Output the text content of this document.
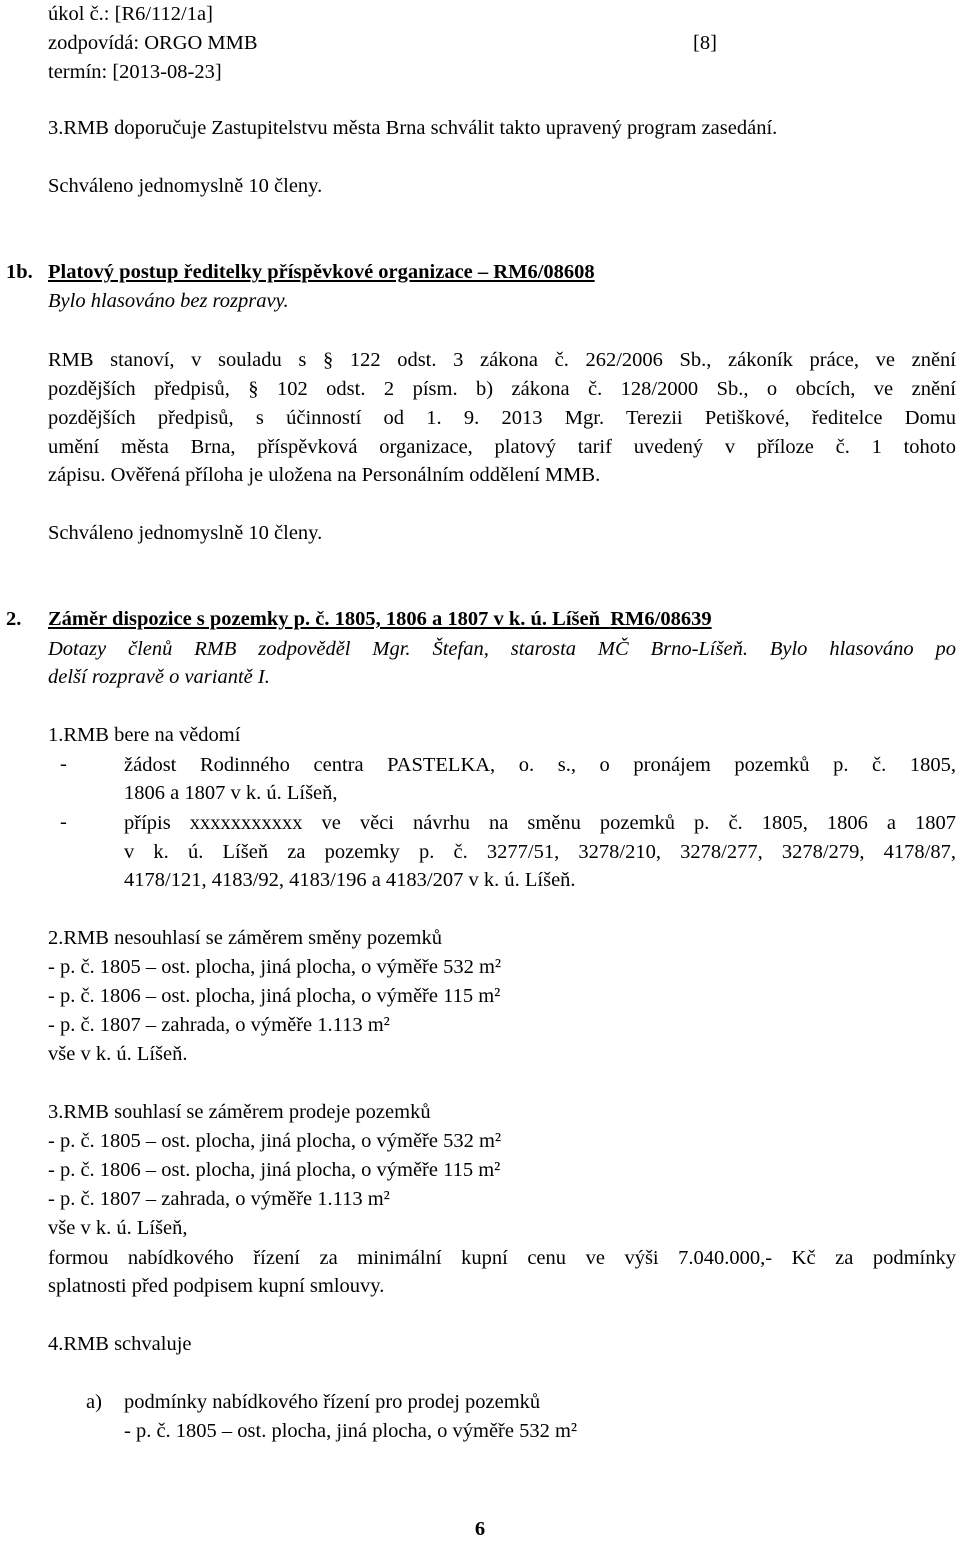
úkol č.: [R6/112/1a]
zodpovídá: ORGO MMB	[8]
termín: [2013-08-23]
3.RMB doporučuje Zastupitelstvu města Brna schválit takto upravený program zasedání.
Schváleno jednomyslně 10 členy.
1b. Platový postup ředitelky příspěvkové organizace – RM6/08608
Bylo hlasováno bez rozpravy.
RMB stanoví, v souladu s § 122 odst. 3 zákona č. 262/2006 Sb., zákoník práce, ve znění
pozdějších předpisů, § 102 odst. 2 písm. b) zákona č. 128/2000 Sb., o obcích, ve znění
pozdějších předpisů, s účinností od 1. 9. 2013 Mgr. Terezii Petiškové, ředitelce Domu
umění města Brna, příspěvková organizace, platový tarif uvedený v příloze č. 1 tohoto
zápisu. Ověřená příloha je uložena na Personálním oddělení MMB.
Schváleno jednomyslně 10 členy.
2. Záměr dispozice s pozemky p. č. 1805, 1806 a 1807 v k. ú. Líšeň RM6/08639
Dotazy členů RMB zodpověděl Mgr. Štefan, starosta MČ Brno-Líšeň. Bylo hlasováno po
delší rozpravě o variantě I.
1.RMB bere na vědomí
-	žádost Rodinného centra PASTELKA, o. s., o pronájem pozemků p. č. 1805,
1806 a 1807 v k. ú. Líšeň,
-	přípis xxxxxxxxxxx ve věci návrhu na směnu pozemků p. č. 1805, 1806 a 1807
v k. ú. Líšeň za pozemky p. č. 3277/51, 3278/210, 3278/277, 3278/279, 4178/87,
4178/121, 4183/92, 4183/196 a 4183/207 v k. ú. Líšeň.
2.RMB nesouhlasí se záměrem směny pozemků
- p. č. 1805 – ost. plocha, jiná plocha, o výměře 532 m²
- p. č. 1806 – ost. plocha, jiná plocha, o výměře 115 m²
- p. č. 1807 – zahrada, o výměře 1.113 m²
vše v k. ú. Líšeň.
3.RMB souhlasí se záměrem prodeje pozemků
- p. č. 1805 – ost. plocha, jiná plocha, o výměře 532 m²
- p. č. 1806 – ost. plocha, jiná plocha, o výměře 115 m²
- p. č. 1807 – zahrada, o výměře 1.113 m²
vše v k. ú. Líšeň,
formou nabídkového řízení za minimální kupní cenu ve výši 7.040.000,- Kč za podmínky
splatnosti před podpisem kupní smlouvy.
4.RMB schvaluje
a) podmínky nabídkového řízení pro prodej pozemků
- p. č. 1805 – ost. plocha, jiná plocha, o výměře 532 m²
6
